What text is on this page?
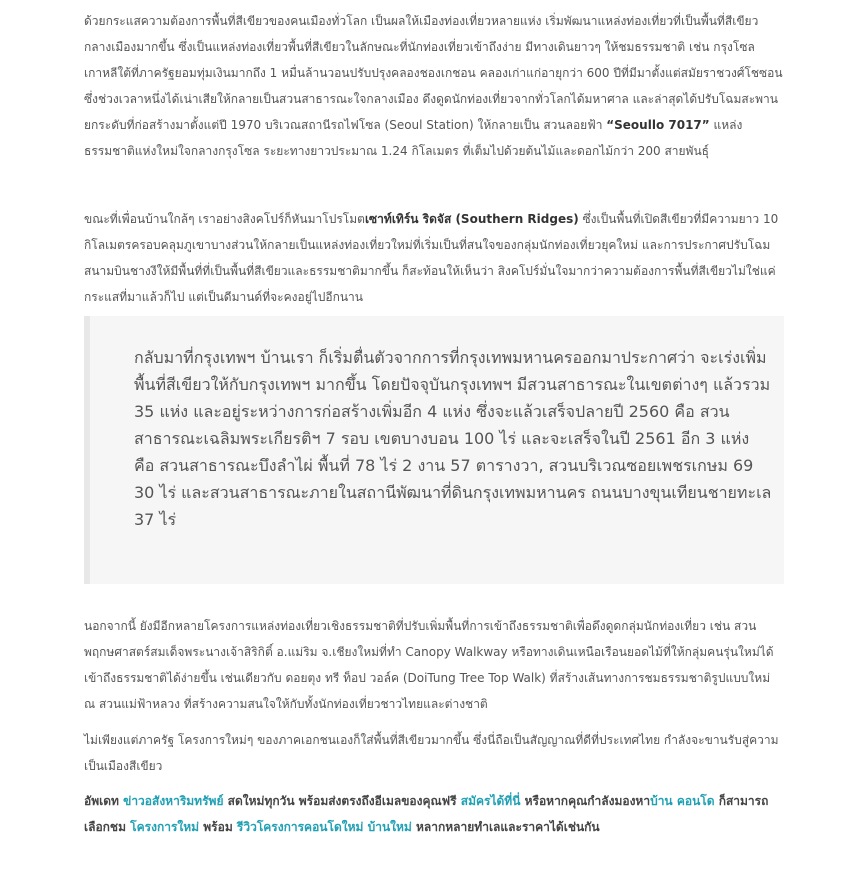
ด้วยกระแสความต้องการพื้นที่สีเขียวของคนเมืองทั่วโลก เป็นผลให้เมืองท่องเที่ยวหลายแห่ง เริ่มพัฒนาแหล่งท่องเที่ยวที่เป็นพื้นที่สีเขียวกลางเมืองมากขึ้น ซึ่งเป็นแหล่งท่องเที่ยวพื้นที่สีเขียวในลักษณะที่นักท่องเที่ยวเข้าถึงง่าย มีทางเดินยาวๆ ให้ชมธรรมชาติ เช่น กรุงโซล เกาหลีใต้ที่ภาครัฐยอมทุ่มเงินมากถึง 1 หมื่นล้านวอนปรับปรุงคลองชองเกชอน คลองเก่าแก่อายุกว่า 600 ปีที่มีมาตั้งแต่สมัยราชวงศ์โชซอน ซึ่งช่วงเวลาหนึ่งได้เน่าเสียให้กลายเป็นสวนสาธารณะใจกลางเมือง ดึงดูดนักท่องเที่ยวจากทั่วโลกได้มหาศาล และล่าสุดได้ปรับโฉมสะพานยกระดับที่ก่อสร้างมาตั้งแต่ปี 1970 บริเวณสถานีรถไฟโซล (Seoul Station) ให้กลายเป็น สวนลอยฟ้า “Seoullo 7017” แหล่งธรรมชาติแห่งใหม่ใจกลางกรุงโซล ระยะทางยาวประมาณ 1.24 กิโลเมตร ที่เต็มไปด้วยต้นไม้และดอกไม้กว่า 200 สายพันธุ์

ขณะที่เพื่อนบ้านใกล้ๆ เราอย่างสิงคโปร์ก็หันมาโปรโมตเซาท์เทิร์น ริดจัส (Southern Ridges) ซึ่งเป็นพื้นที่เปิดสีเขียวที่มีความยาว 10 กิโลเมตรครอบคลุมภูเขาบางส่วนให้กลายเป็นแหล่งท่องเที่ยวใหม่ที่เริ่มเป็นที่สนใจของกลุ่มนักท่องเที่ยวยุคใหม่ และการประกาศปรับโฉมสนามบินชางงีให้มีพื้นที่ที่เป็นพื้นที่สีเขียวและธรรมชาติมากขึ้น ก็สะท้อนให้เห็นว่า สิงคโปร์มั่นใจมากว่าความต้องการพื้นที่สีเขียวไม่ใช่แค่กระแสที่มาแล้วก็ไป แต่เป็นดีมานด์ที่จะคงอยู่ไปอีกนาน

กลับมาที่กรุงเทพฯ บ้านเรา ก็เริ่มตื่นตัวจากการที่กรุงเทพมหานครออกมาประกาศว่า จะเร่งเพิ่มพื้นที่สีเขียวให้กับกรุงเทพฯ มากขึ้น โดยปัจจุบันกรุงเทพฯ มีสวนสาธารณะในเขตต่างๆ แล้วรวม 35 แห่ง และอยู่ระหว่างการก่อสร้างเพิ่มอีก 4 แห่ง ซึ่งจะแล้วเสร็จปลายปี 2560 คือ สวนสาธารณะเฉลิมพระเกียรติฯ 7 รอบ เขตบางบอน 100 ไร่ และจะเสร็จในปี 2561 อีก 3 แห่ง คือ สวนสาธารณะบึงลำไผ่ พื้นที่ 78 ไร่ 2 งาน 57 ตารางวา, สวนบริเวณซอยเพชรเกษม 69 30 ไร่ และสวนสาธารณะภายในสถานีพัฒนาที่ดินกรุงเทพมหานคร ถนนบางขุนเทียนชายทะเล 37 ไร่

นอกจากนี้ ยังมีอีกหลายโครงการแหล่งท่องเที่ยวเชิงธรรมชาติที่ปรับเพิ่มพื้นที่การเข้าถึงธรรมชาติเพื่อดึงดูดกลุ่มนักท่องเที่ยว เช่น สวนพฤกษศาสตร์สมเด็จพระนางเจ้าสิริกิติ์ อ.แม่ริม จ.เชียงใหม่ที่ทำ Canopy Walkway หรือทางเดินเหนือเรือนยอดไม้ที่ให้กลุ่มคนรุ่นใหม่ได้เข้าถึงธรรมชาติได้ง่ายขึ้น เช่นเดียวกับ ดอยตุง ทรี ท็อป วอล์ค (DoiTung Tree Top Walk) ที่สร้างเส้นทางการชมธรรมชาติรูปแบบใหม่ ณ สวนแม่ฟ้าหลวง ที่สร้างความสนใจให้กับทั้งนักท่องเที่ยวชาวไทยและต่างชาติ

ไม่เพียงแต่ภาครัฐ โครงการใหม่ๆ ของภาคเอกชนเองก็ใส่พื้นที่สีเขียวมากขึ้น ซึ่งนี่ถือเป็นสัญญาณที่ดีที่ประเทศไทย กำลังจะขานรับสู่ความเป็นเมืองสีเขียว

อัพเดท ข่าวอสังหาริมทรัพย์ สดใหม่ทุกวัน พร้อมส่งตรงถึงอีเมลของคุณฟรี สมัครได้ที่นี่ หรือหากคุณกำลังมองหาบ้าน คอนโด ก็สามารถเลือกชม โครงการใหม่ พร้อม รีวิวโครงการคอนโดใหม่ บ้านใหม่ หลากหลายทำเลและราคาได้เช่นกัน
